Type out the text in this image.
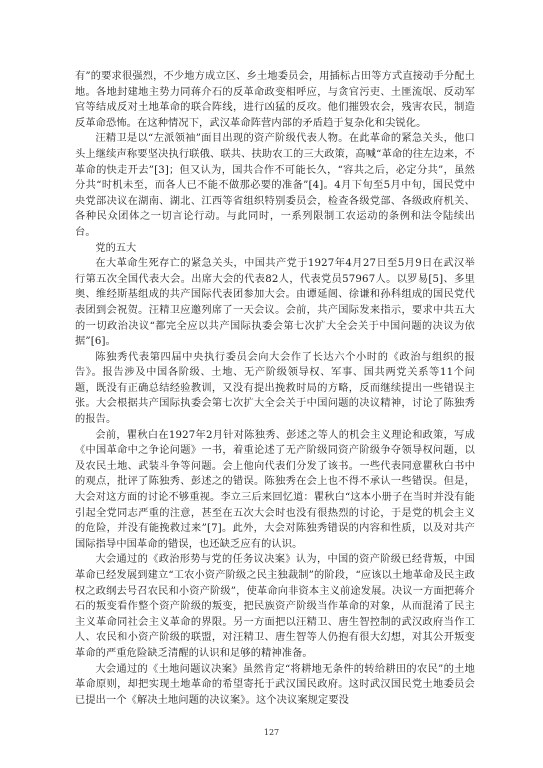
有”的要求很强烈，不少地方成立区、乡土地委员会，用插标占田等方式直接动手分配土地。各地封建地主势力同蒋介石的反革命政变相呼应，与贪官污吏、土匪流氓、反动军官等结成反对土地革命的联合阵线，进行凶猛的反攻。他们摧毁农会，残害农民，制造反革命恐怖。在这种情况下，武汉革命阵营内部的矛盾趋于复杂化和尖锐化。

汪精卫是以“左派领袖”面目出现的资产阶级代表人物。在此革命的紧急关头，他口头上继续声称要坚决执行联俄、联共、扶助农工的三大政策，高喊“革命的往左边来，不革命的快走开去”[3]；但又认为，国共合作不可能长久，“容共之后，必定分共”，虽然分共“时机未至，而各人已不能不做那必要的准备”[4]。4月下旬至5月中旬，国民党中央党部决议在湖南、湖北、江西等省组织特别委员会，检查各级党部、各级政府机关、各种民众团体之一切言论行动。与此同时，一系列限制工农运动的条例和法令陆续出台。

党的五大

在大革命生死存亡的紧急关头，中国共产党于1927年4月27日至5月9日在武汉举行第五次全国代表大会。出席大会的代表82人，代表党员57967人。以罗易[5]、多里奥、维经斯基组成的共产国际代表团参加大会。由谭延闿、徐谦和孙科组成的国民党代表团到会祝贺。汪精卫应邀列席了一天会议。会前，共产国际发来指示，要求中共五大的一切政治决议“都完全应以共产国际执委会第七次扩大全会关于中国问题的决议为依据”[6]。

陈独秀代表第四届中央执行委员会向大会作了长达六个小时的《政治与组织的报告》。报告涉及中国各阶级、土地、无产阶级领导权、军事、国共两党关系等11个问题，既没有正确总结经验教训，又没有提出挽救时局的方略，反而继续提出一些错误主张。大会根据共产国际执委会第七次扩大全会关于中国问题的决议精神，讨论了陈独秀的报告。

会前，瞿秋白在1927年2月针对陈独秀、彭述之等人的机会主义理论和政策，写成《中国革命中之争论问题》一书，着重论述了无产阶级同资产阶级争夺领导权问题，以及农民土地、武装斗争等问题。会上他向代表们分发了该书。一些代表同意瞿秋白书中的观点，批评了陈独秀、彭述之的错误。陈独秀在会上也不得不承认一些错误。但是，大会对这方面的讨论不够重视。李立三后来回忆道：瞿秋白“这本小册子在当时并没有能引起全党同志严重的注意，甚至在五次大会时也没有很热烈的讨论，于是党的机会主义的危险，并没有能挽救过来”[7]。此外，大会对陈独秀错误的内容和性质，以及对共产国际指导中国革命的错误，也还缺乏应有的认识。

大会通过的《政治形势与党的任务议决案》认为，中国的资产阶级已经背叛，中国革命已经发展到建立“工农小资产阶级之民主独裁制”的阶段，“应该以土地革命及民主政权之政纲去号召农民和小资产阶级”，使革命向非资本主义前途发展。决议一方面把蒋介石的叛变看作整个资产阶级的叛变，把民族资产阶级当作革命的对象，从而混淆了民主主义革命同社会主义革命的界限。另一方面把以汪精卫、唐生智控制的武汉政府当作工人、农民和小资产阶级的联盟，对汪精卫、唐生智等人仍抱有很大幻想，对其公开叛变革命的严重危险缺乏清醒的认识和足够的精神准备。

大会通过的《土地问题议决案》虽然肯定“将耕地无条件的转给耕田的农民”的土地革命原则，却把实现土地革命的希望寄托于武汉国民政府。这时武汉国民党土地委员会已提出一个《解决土地问题的决议案》。这个决议案规定要没

127
